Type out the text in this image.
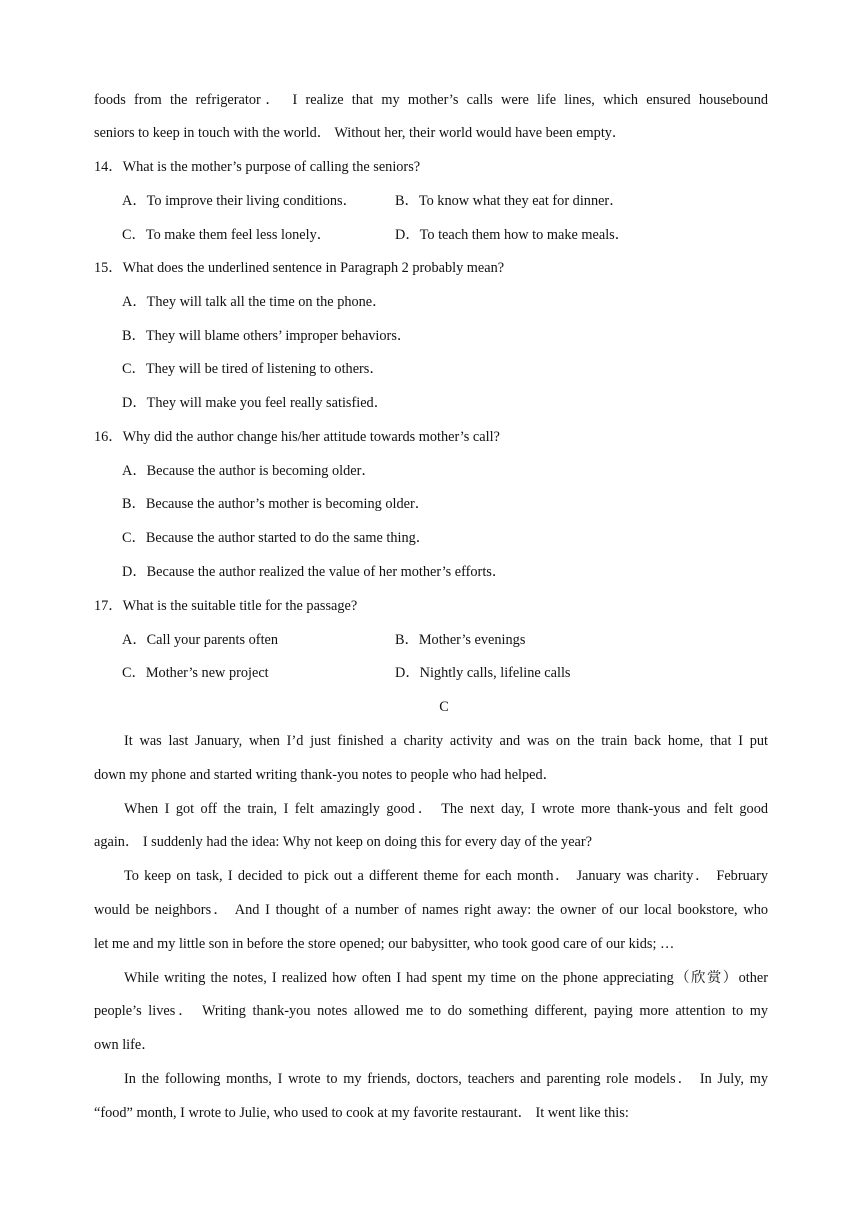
foods from the refrigerator． I realize that my mother’s calls were life lines, which ensured housebound
seniors to keep in touch with the world． Without her, their world would have been empty．
14．What is the mother’s purpose of calling the seniors?
A．To improve their living conditions．	B．To know what they eat for dinner．
C．To make them feel less lonely．	D．To teach them how to make meals．
15．What does the underlined sentence in Paragraph 2 probably mean?
A．They will talk all the time on the phone．
B．They will blame others’ improper behaviors．
C．They will be tired of listening to others．
D．They will make you feel really satisfied．
16．Why did the author change his/her attitude towards mother’s call?
A．Because the author is becoming older．
B．Because the author’s mother is becoming older．
C．Because the author started to do the same thing．
D．Because the author realized the value of her mother’s efforts．
17．What is the suitable title for the passage?
A．Call your parents often	B．Mother’s evenings
C．Mother’s new project	D．Nightly calls, lifeline calls
C
It was last January, when I’d just finished a charity activity and was on the train back home, that I put
down my phone and started writing thank-you notes to people who had helped．
When I got off the train, I felt amazingly good． The next day, I wrote more thank-yous and felt good
again． I suddenly had the idea: Why not keep on doing this for every day of the year?
To keep on task, I decided to pick out a different theme for each month． January was charity． February
would be neighbors． And I thought of a number of names right away: the owner of our local bookstore, who
let me and my little son in before the store opened; our babysitter, who took good care of our kids; …
While writing the notes, I realized how often I had spent my time on the phone appreciating（欣赏）other
people’s lives． Writing thank-you notes allowed me to do something different, paying more attention to my
own life．
In the following months, I wrote to my friends, doctors, teachers and parenting role models． In July, my
“food” month, I wrote to Julie, who used to cook at my favorite restaurant． It went like this:
